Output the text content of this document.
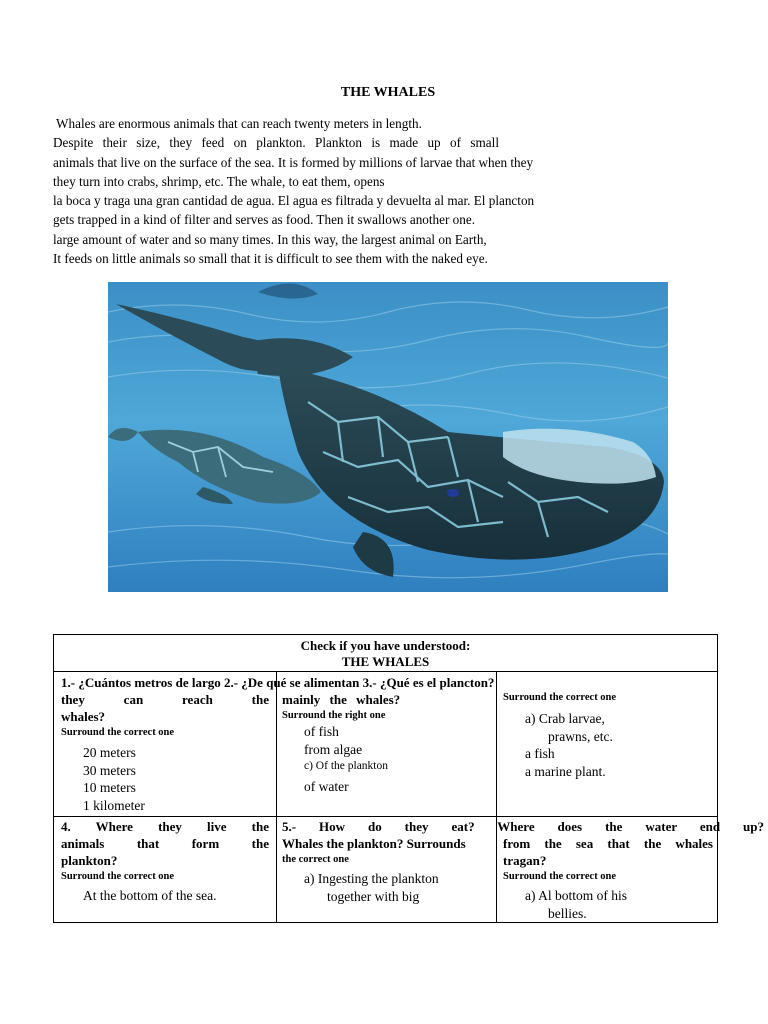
THE WHALES
Whales are enormous animals that can reach twenty meters in length.
Despite their size, they feed on plankton. Plankton is made up of small
animals that live on the surface of the sea. It is formed by millions of larvae that when they
they turn into crabs, shrimp, etc. The whale, to eat them, opens
la boca y traga una gran cantidad de agua. El agua es filtrada y devuelta al mar. El plancton
gets trapped in a kind of filter and serves as food. Then it swallows another one.
large amount of water and so many times. In this way, the largest animal on Earth,
It feeds on little animals so small that it is difficult to see them with the naked eye.
Check if you have understood:
THE WHALES
1.- ¿Cuántos metros de largo 2.- ¿De qué se alimentan 3.- ¿Qué es el plancton?
they can reach the
whales?
Surround the correct one
20 meters
30 meters
10 meters
1 kilometer
mainly the whales?
Surround the right one
of fish
from algae
c) Of the plankton
of water
Surround the correct one
a) Crab larvae,
prawns, etc.
a fish
a marine plant.
4. Where they live the
animals that form the
plankton?
Surround the correct one
At the bottom of the sea.
5.- How do they eat? Where does the water end up?
Whales the plankton? Surrounds
the correct one
a) Ingesting the plankton
together with big
from the sea that the whales
tragan?
Surround the correct one
a) Al bottom of his
bellies.
